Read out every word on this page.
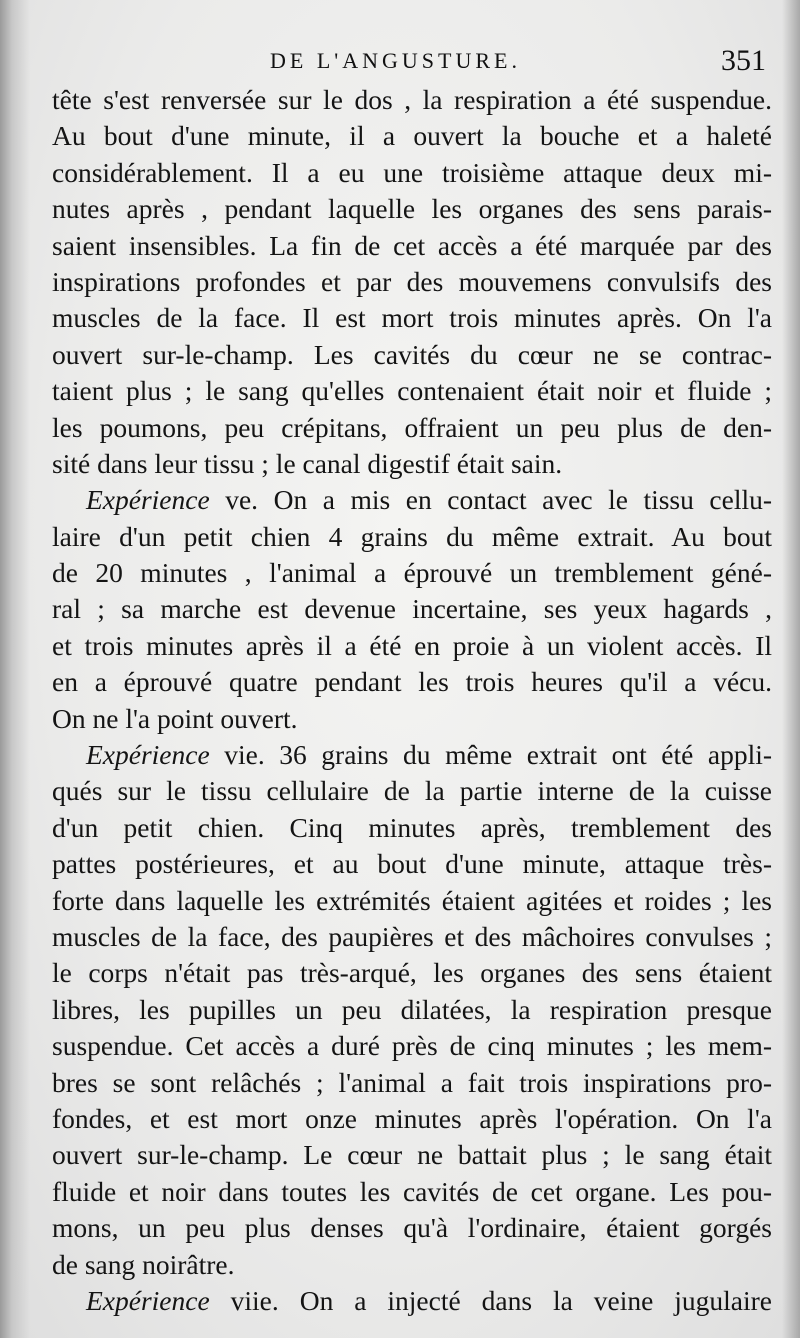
DE L'ANGUSTURE.	351
tête s'est renversée sur le dos , la respiration a été suspendue.
Au bout d'une minute, il a ouvert la bouche et a haleté
considérablement. Il a eu une troisième attaque deux mi-
nutes après , pendant laquelle les organes des sens parais-
saient insensibles. La fin de cet accès a été marquée par des
inspirations profondes et par des mouvemens convulsifs des
muscles de la face. Il est mort trois minutes après. On l'a
ouvert sur-le-champ. Les cavités du cœur ne se contrac-
taient plus ; le sang qu'elles contenaient était noir et fluide ;
les poumons, peu crépitans, offraient un peu plus de den-
sité dans leur tissu ; le canal digestif était sain.
Expérience ve. On a mis en contact avec le tissu cellu-
laire d'un petit chien 4 grains du même extrait. Au bout
de 20 minutes , l'animal a éprouvé un tremblement géné-
ral ; sa marche est devenue incertaine, ses yeux hagards ,
et trois minutes après il a été en proie à un violent accès. Il
en a éprouvé quatre pendant les trois heures qu'il a vécu.
On ne l'a point ouvert.
Expérience vie. 36 grains du même extrait ont été appli-
qués sur le tissu cellulaire de la partie interne de la cuisse
d'un petit chien. Cinq minutes après, tremblement des
pattes postérieures, et au bout d'une minute, attaque très-
forte dans laquelle les extrémités étaient agitées et roides ; les
muscles de la face, des paupières et des mâchoires convulses ;
le corps n'était pas très-arqué, les organes des sens étaient
libres, les pupilles un peu dilatées, la respiration presque
suspendue. Cet accès a duré près de cinq minutes ; les mem-
bres se sont relâchés ; l'animal a fait trois inspirations pro-
fondes, et est mort onze minutes après l'opération. On l'a
ouvert sur-le-champ. Le cœur ne battait plus ; le sang était
fluide et noir dans toutes les cavités de cet organe. Les pou-
mons, un peu plus denses qu'à l'ordinaire, étaient gorgés
de sang noirâtre.
Expérience viie. On a injecté dans la veine jugulaire
